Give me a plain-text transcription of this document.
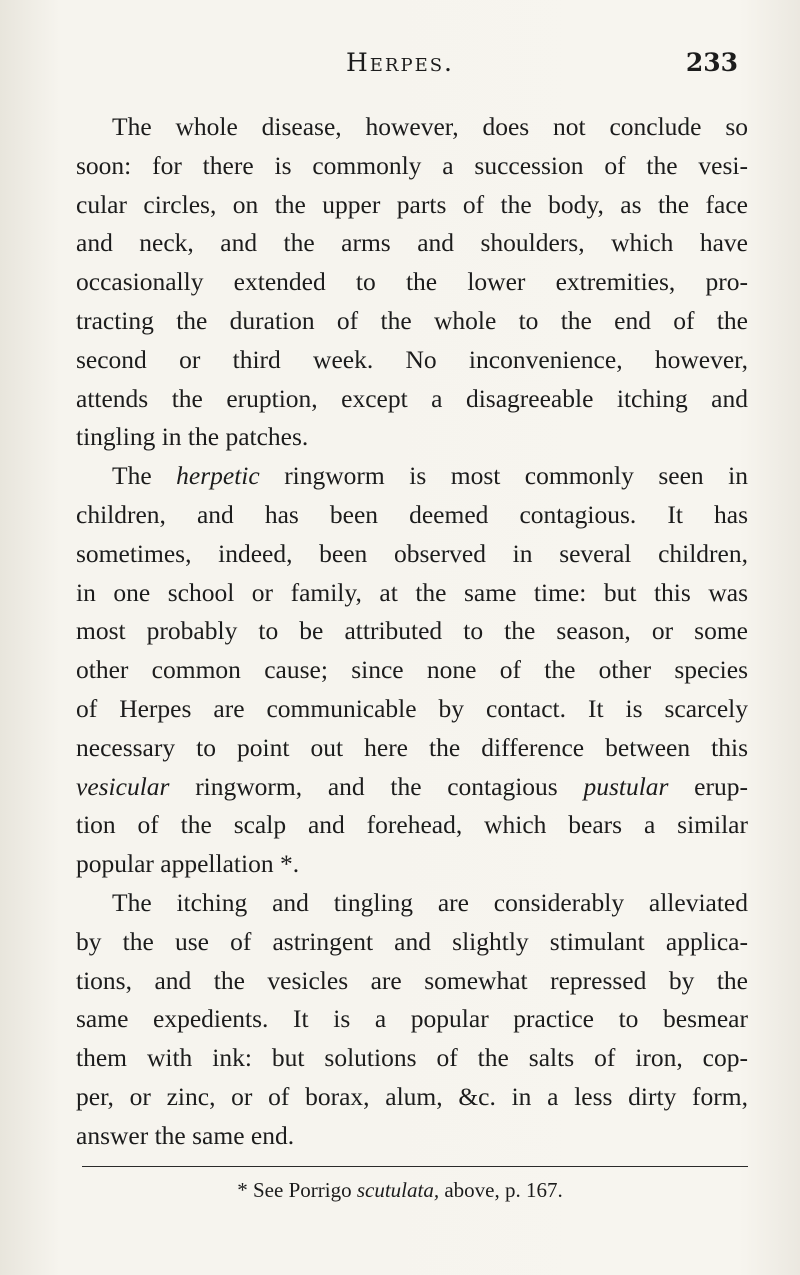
Herpes.	233
The whole disease, however, does not conclude so
soon: for there is commonly a succession of the vesi-
cular circles, on the upper parts of the body, as the face
and neck, and the arms and shoulders, which have
occasionally extended to the lower extremities, pro-
tracting the duration of the whole to the end of the
second or third week. No inconvenience, however,
attends the eruption, except a disagreeable itching and
tingling in the patches.
The herpetic ringworm is most commonly seen in
children, and has been deemed contagious. It has
sometimes, indeed, been observed in several children,
in one school or family, at the same time: but this was
most probably to be attributed to the season, or some
other common cause; since none of the other species
of Herpes are communicable by contact. It is scarcely
necessary to point out here the difference between this
vesicular ringworm, and the contagious pustular erup-
tion of the scalp and forehead, which bears a similar
popular appellation *.
The itching and tingling are considerably alleviated
by the use of astringent and slightly stimulant applica-
tions, and the vesicles are somewhat repressed by the
same expedients. It is a popular practice to besmear
them with ink: but solutions of the salts of iron, cop-
per, or zinc, or of borax, alum, &c. in a less dirty form,
answer the same end.
* See Porrigo scutulata, above, p. 167.
